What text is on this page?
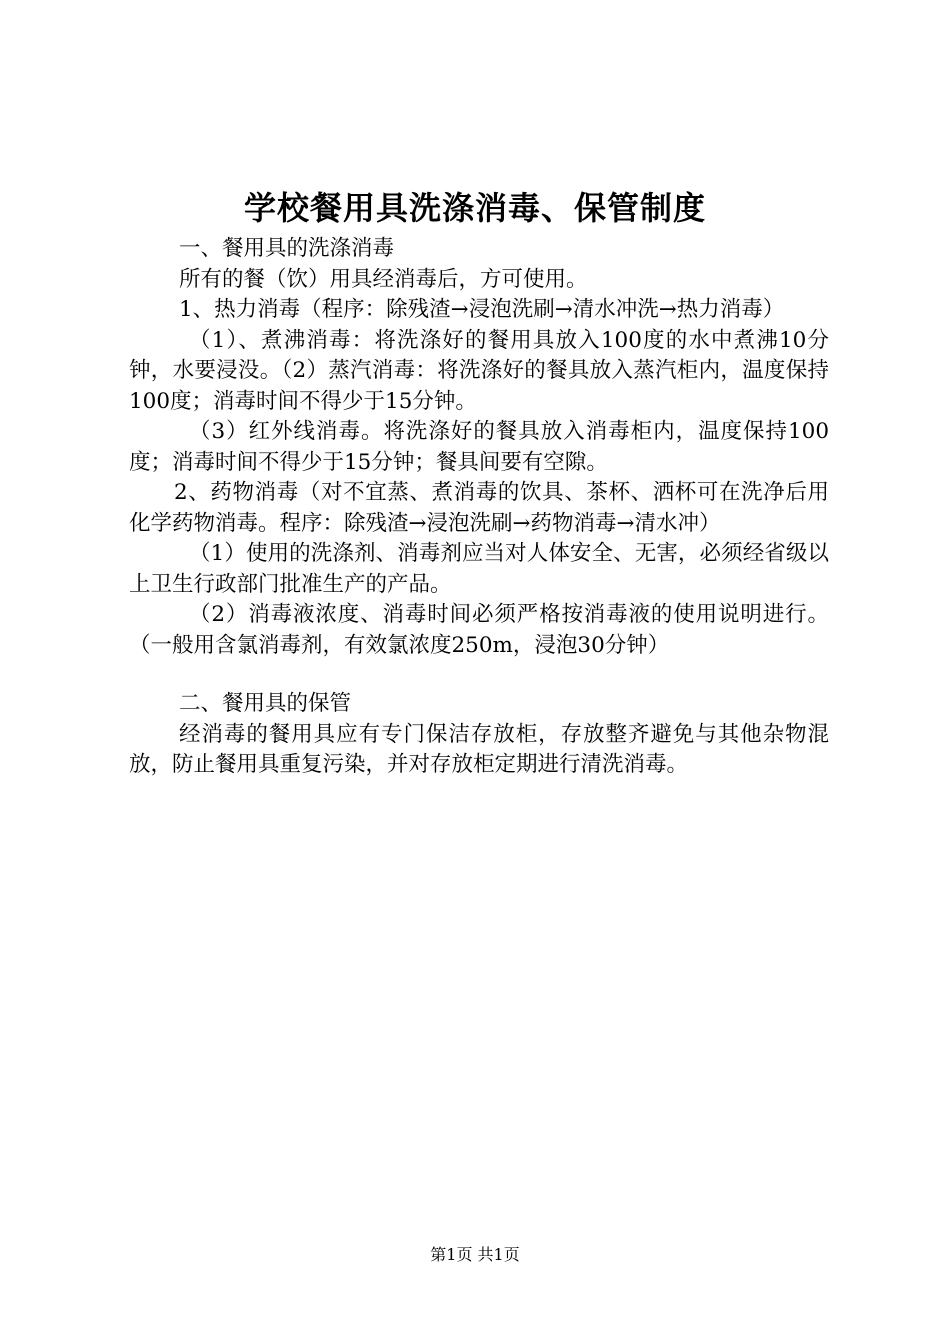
学校餐用具洗涤消毒、保管制度

一、餐用具的洗涤消毒

所有的餐（饮）用具经消毒后，方可使用。

1、热力消毒（程序：除残渣→浸泡洗刷→清水冲洗→热力消毒）

（1）、煮沸消毒：将洗涤好的餐用具放入100度的水中煮沸10分钟，水要浸没。（2）蒸汽消毒：将洗涤好的餐具放入蒸汽柜内，温度保持100度；消毒时间不得少于15分钟。

（3）红外线消毒。将洗涤好的餐具放入消毒柜内，温度保持100度；消毒时间不得少于15分钟；餐具间要有空隙。

2、药物消毒（对不宜蒸、煮消毒的饮具、茶杯、洒杯可在洗净后用化学药物消毒。程序：除残渣→浸泡洗刷→药物消毒→清水冲）

（1）使用的洗涤剂、消毒剂应当对人体安全、无害，必须经省级以上卫生行政部门批准生产的产品。

（2）消毒液浓度、消毒时间必须严格按消毒液的使用说明进行。（一般用含氯消毒剂，有效氯浓度250m，浸泡30分钟）

二、餐用具的保管

经消毒的餐用具应有专门保洁存放柜，存放整齐避免与其他杂物混放，防止餐用具重复污染，并对存放柜定期进行清洗消毒。

第1页 共1页
